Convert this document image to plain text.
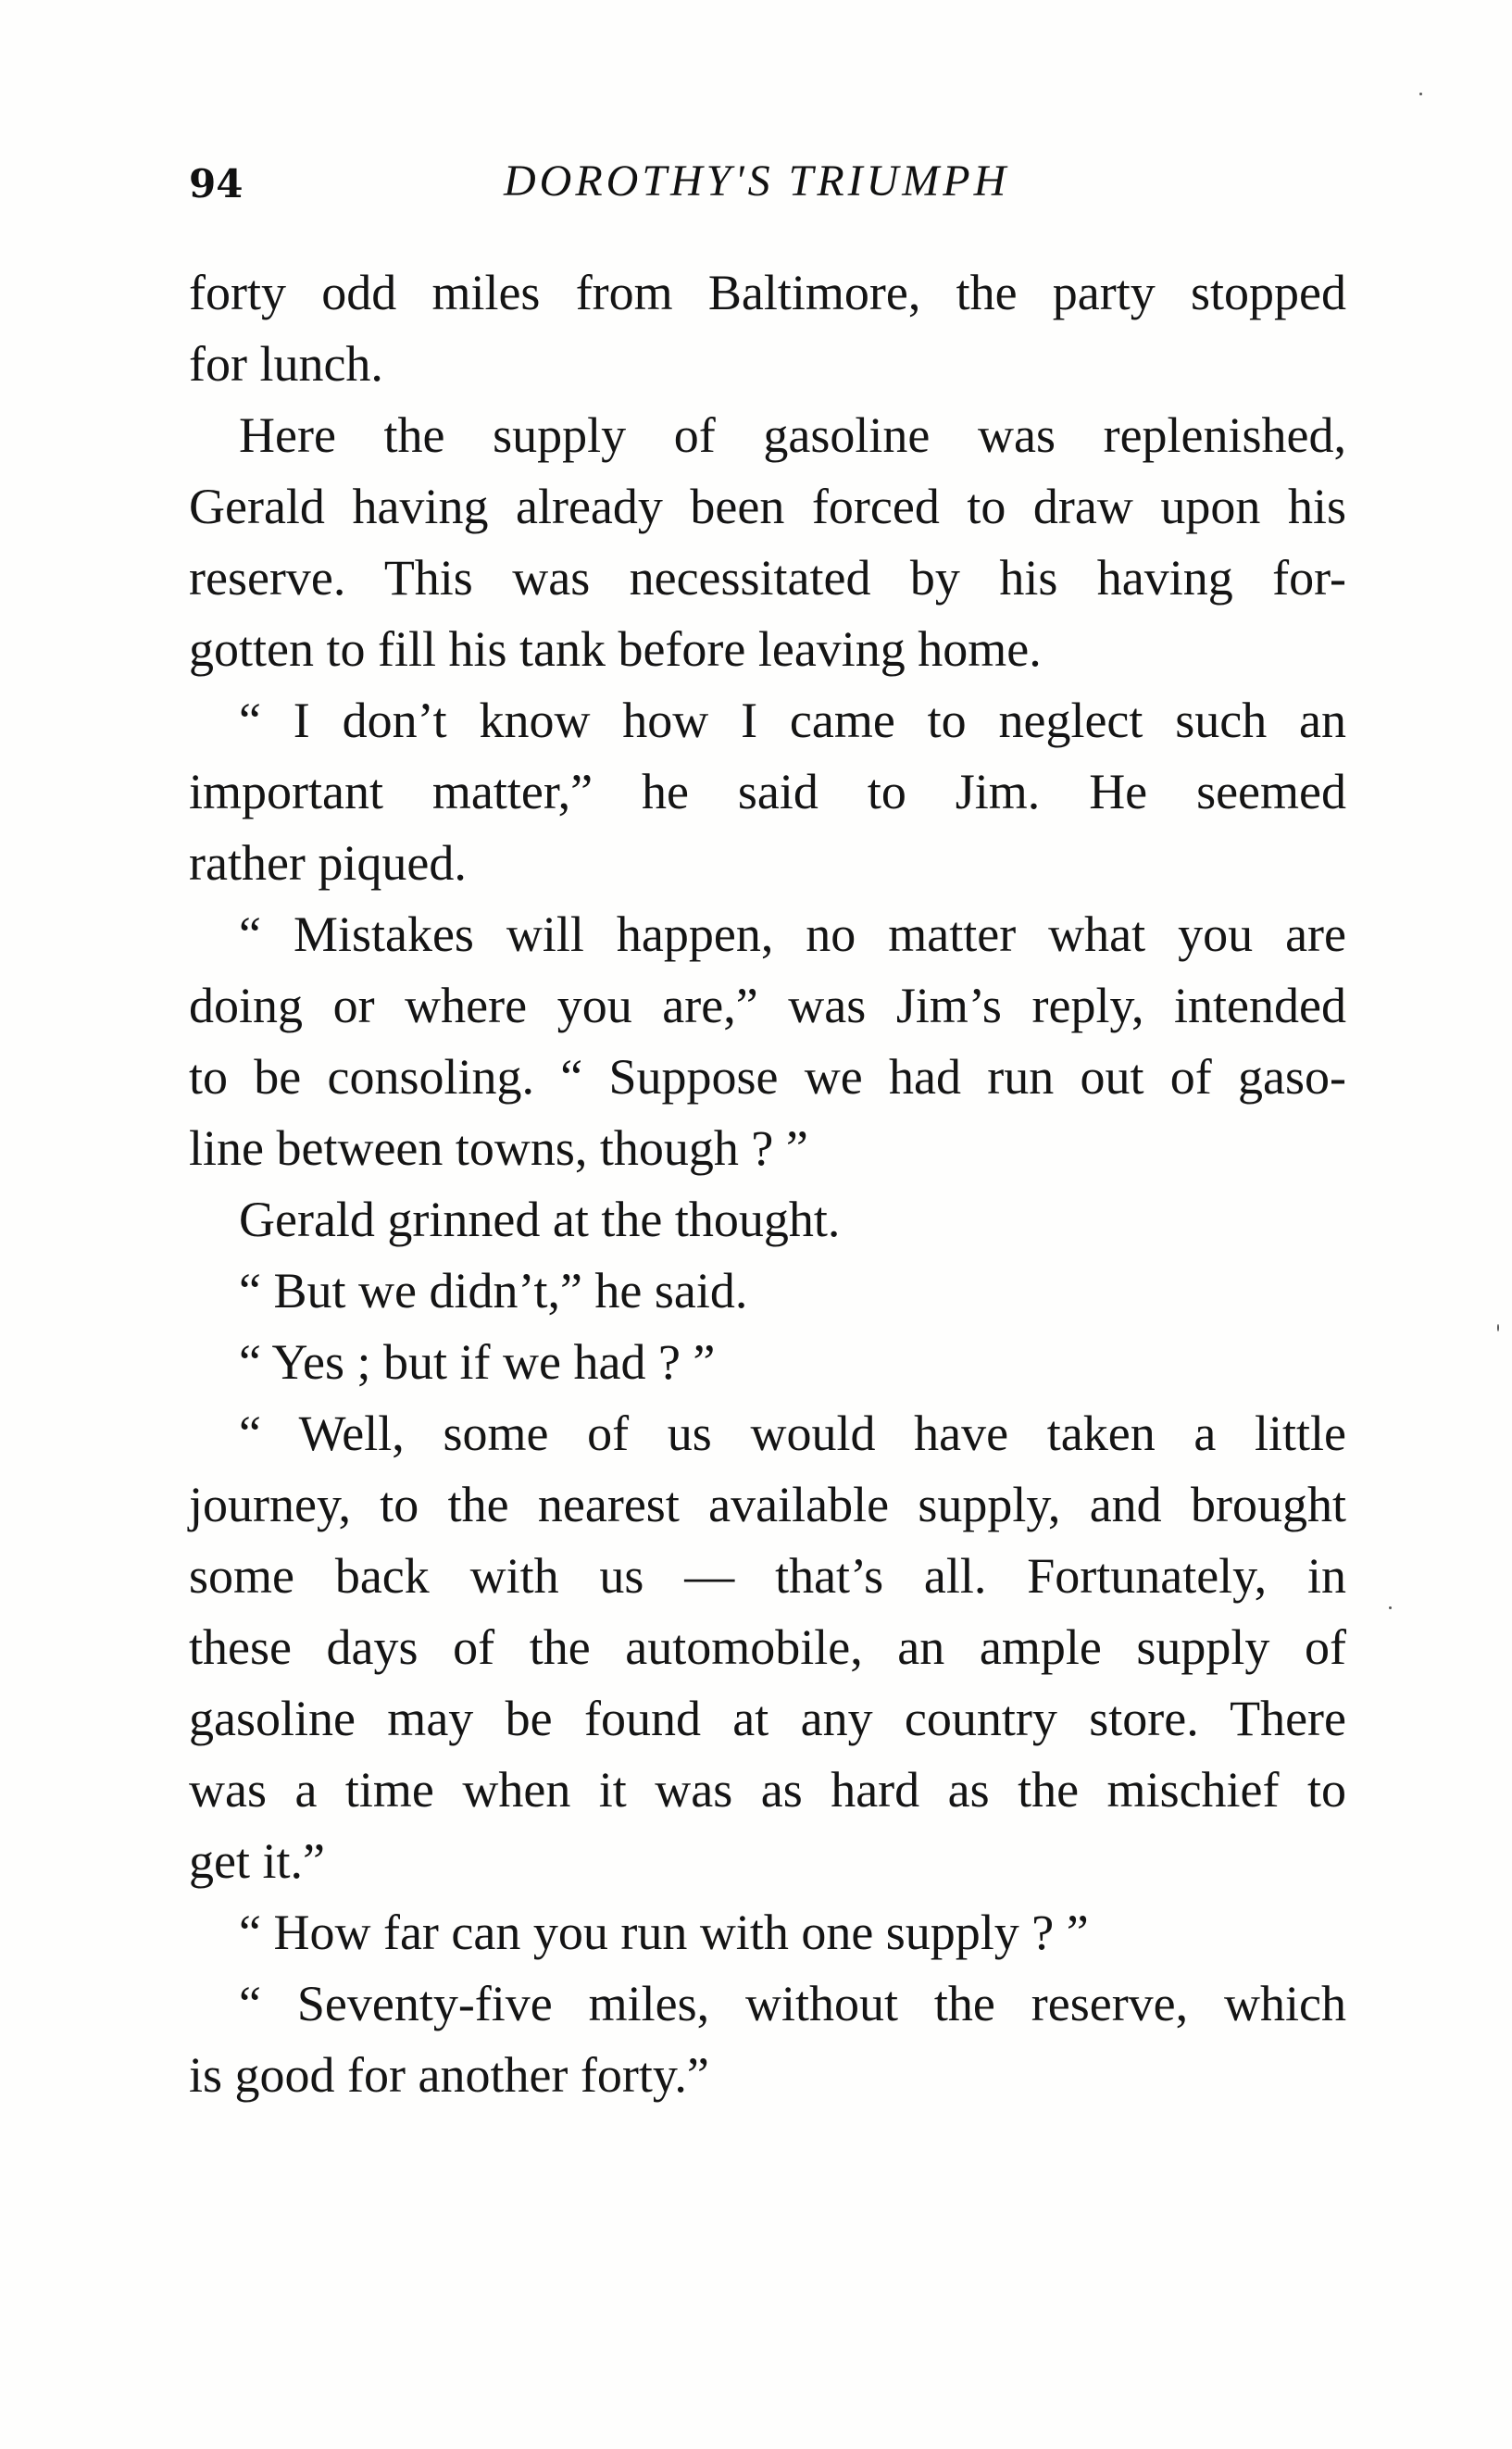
94	DOROTHY'S TRIUMPH
forty odd miles from Baltimore, the party stopped
for lunch.
Here the supply of gasoline was replenished,
Gerald having already been forced to draw upon his
reserve. This was necessitated by his having for-
gotten to fill his tank before leaving home.
“ I don’t know how I came to neglect such an
important matter,” he said to Jim. He seemed
rather piqued.
“ Mistakes will happen, no matter what you are
doing or where you are,” was Jim’s reply, intended
to be consoling. “ Suppose we had run out of gaso-
line between towns, though ? ”
Gerald grinned at the thought.
“ But we didn’t,” he said.
“ Yes ; but if we had ? ”
“ Well, some of us would have taken a little
journey, to the nearest available supply, and brought
some back with us — that’s all. Fortunately, in
these days of the automobile, an ample supply of
gasoline may be found at any country store. There
was a time when it was as hard as the mischief to
get it.”
“ How far can you run with one supply ? ”
“ Seventy-five miles, without the reserve, which
is good for another forty.”
